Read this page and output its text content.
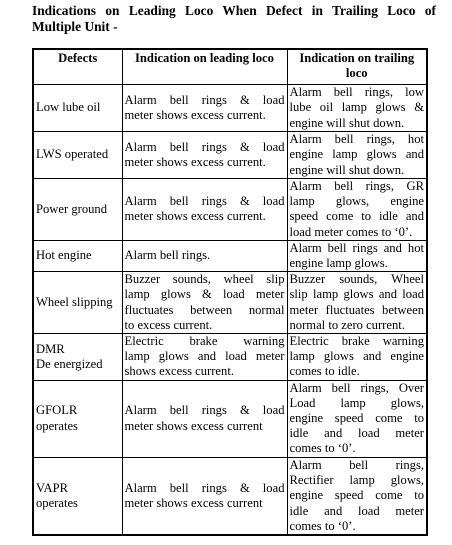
Indications on Leading Loco When Defect in Trailing Loco of
Multiple Unit -
Defects	Indication on leading loco	Indication on trailing loco

Low lube oil	Alarm bell rings & load
meter shows excess current.	Alarm bell rings, low
lube oil lamp glows &
engine will shut down.

LWS operated	Alarm bell rings & load
meter shows excess current.	Alarm bell rings, hot
engine lamp glows and
engine will shut down.

Power ground	Alarm bell rings & load
meter shows excess current.	Alarm bell rings, GR
lamp glows, engine
speed come to idle and
load meter comes to ‘0’.

Hot engine	Alarm bell rings.	Alarm bell rings and hot
engine lamp glows.

Wheel slipping	Buzzer sounds, wheel slip
lamp glows & load meter
fluctuates between normal
to excess current.	Buzzer sounds, Wheel
slip lamp glows and load
meter fluctuates between
normal to zero current.

DMR
De energized	Electric brake warning
lamp glows and load meter
shows excess current.	Electric brake warning
lamp glows and engine
comes to idle.

GFOLR
operates	Alarm bell rings & load
meter shows excess current	Alarm bell rings, Over
Load lamp glows,
engine speed come to
idle and load meter
comes to ‘0’.

VAPR
operates	Alarm bell rings & load
meter shows excess current	Alarm bell rings,
Rectifier lamp glows,
engine speed come to
idle and load meter
comes to ‘0’.
